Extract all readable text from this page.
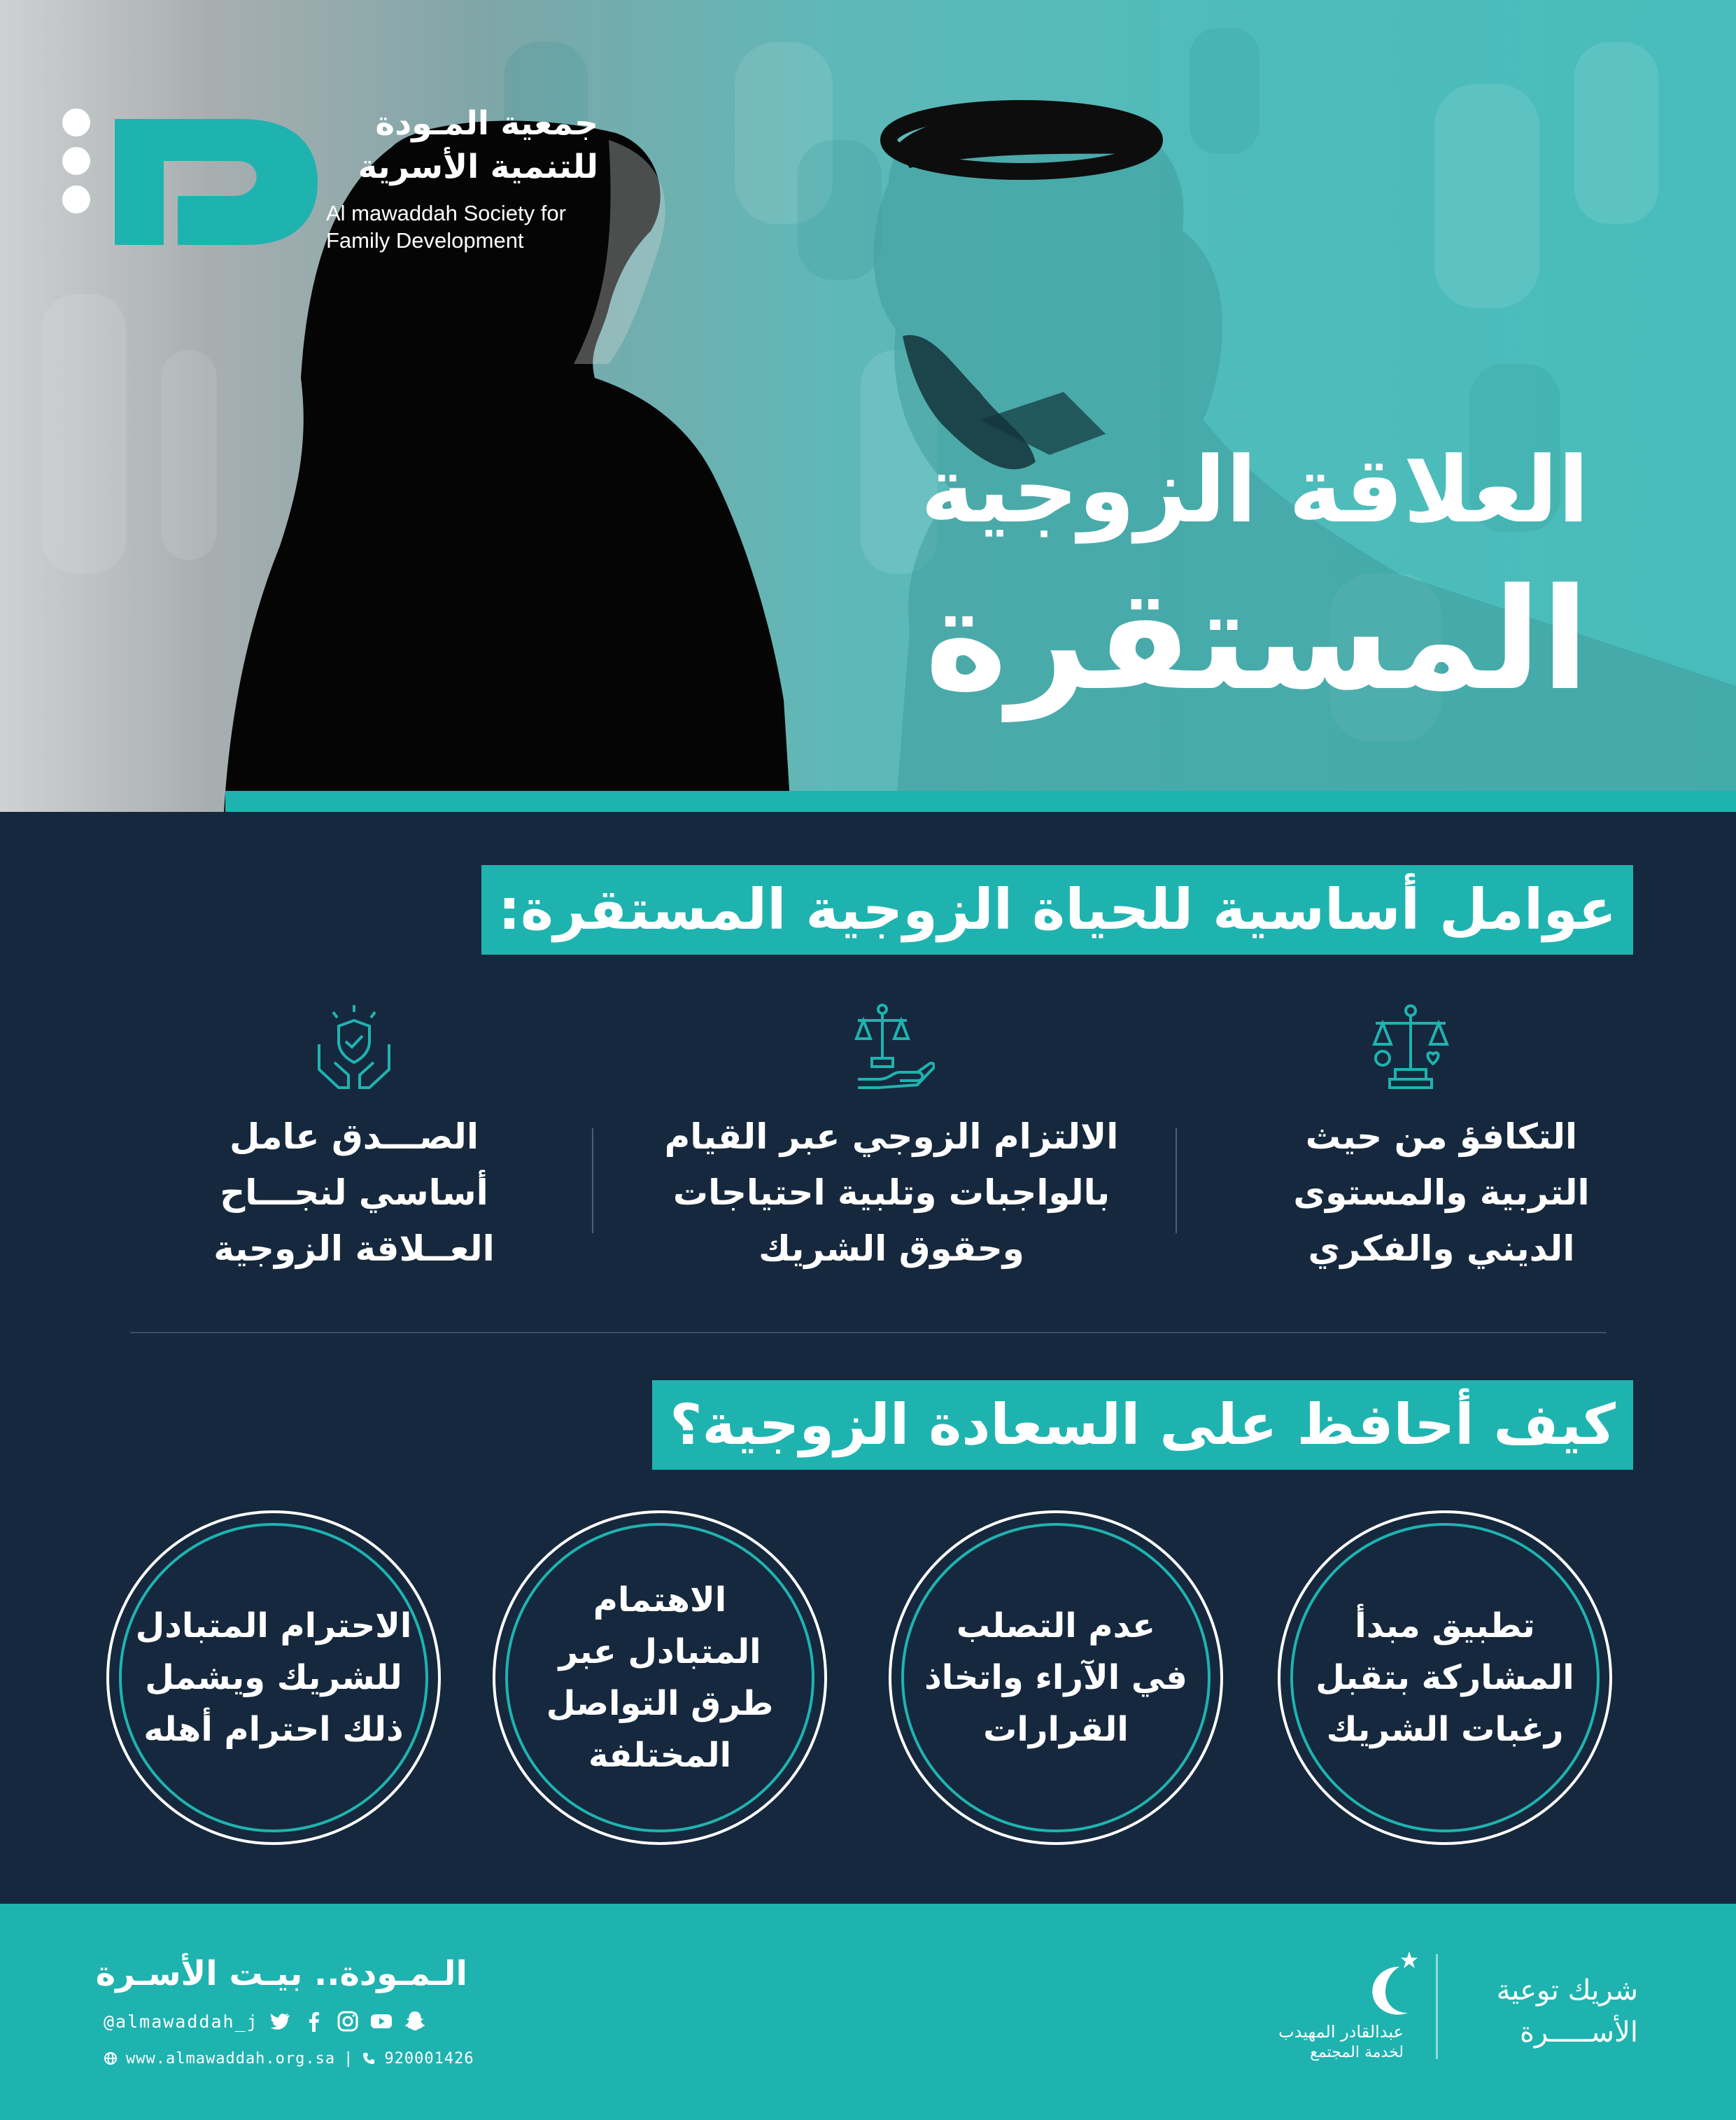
جمعية المـودة
للتنمية الأسرية
Al mawaddah Society for
Family Development
العلاقة الزوجية
المستقرة
عوامل أساسية للحياة الزوجية المستقرة:
التكافؤ من حيث
التربية والمستوى
الديني والفكري
الالتزام الزوجي عبر القيام
بالواجبات وتلبية احتياجات
وحقوق الشريك
الصـــدق عامل
أساسي لنجـــاح
العــلاقة الزوجية
كيف أحافظ على السعادة الزوجية؟
تطبيق مبدأ
المشاركة بتقبل
رغبات الشريك
عدم التصلب
في الآراء واتخاذ
القرارات
الاهتمام
المتبادل عبر
طرق التواصل
المختلفة
الاحترام المتبادل
للشريك ويشمل
ذلك احترام أهله
الـمـودة.. بيـت الأسـرة
@almawaddah_j
www.almawaddah.org.sa | 920001426
عبدالقادر المهيدب
لخدمة المجتمع
شريك توعية
الأســـــرة
